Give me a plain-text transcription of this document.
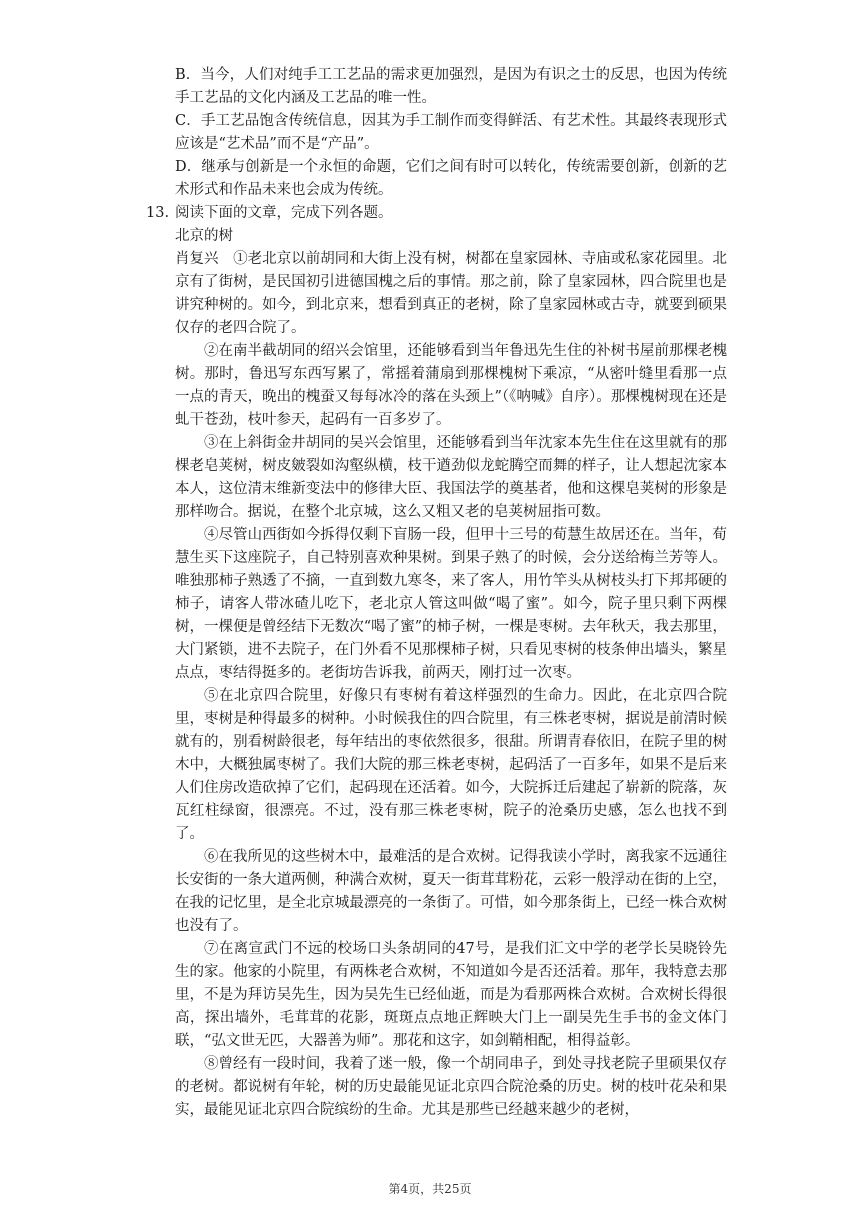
B．当今，人们对纯手工工艺品的需求更加强烈，是因为有识之士的反思，也因为传统手工艺品的文化内涵及工艺品的唯一性。

C．手工艺品饱含传统信息，因其为手工制作而变得鲜活、有艺术性。其最终表现形式应该是“艺术品”而不是“产品”。

D．继承与创新是一个永恒的命题，它们之间有时可以转化，传统需要创新，创新的艺术形式和作品未来也会成为传统。

13. 阅读下面的文章，完成下列各题。

北京的树

肖复兴  ①老北京以前胡同和大街上没有树，树都在皇家园林、寺庙或私家花园里。北京有了街树，是民国初引进德国槐之后的事情。那之前，除了皇家园林，四合院里也是讲究种树的。如今，到北京来，想看到真正的老树，除了皇家园林或古寺，就要到硕果仅存的老四合院了。

②在南半截胡同的绍兴会馆里，还能够看到当年鲁迅先生住的补树书屋前那棵老槐树。那时，鲁迅写东西写累了，常摇着蒲扇到那棵槐树下乘凉，“从密叶缝里看那一点一点的青天，晚出的槐蚕又每每冰冷的落在头颈上”（《呐喊》自序）。那棵槐树现在还是虬干苍劲，枝叶参天，起码有一百多岁了。

③在上斜街金井胡同的吴兴会馆里，还能够看到当年沈家本先生住在这里就有的那棵老皂荚树，树皮皴裂如沟壑纵横，枝干遒劲似龙蛇腾空而舞的样子，让人想起沈家本本人，这位清末维新变法中的修律大臣、我国法学的奠基者，他和这棵皂荚树的形象是那样吻合。据说，在整个北京城，这么又粗又老的皂荚树屈指可数。

④尽管山西街如今拆得仅剩下盲肠一段，但甲十三号的荀慧生故居还在。当年，荀慧生买下这座院子，自己特别喜欢种果树。到果子熟了的时候，会分送给梅兰芳等人。唯独那柿子熟透了不摘，一直到数九寒冬，来了客人，用竹竿头从树枝头打下邦邦硬的柿子，请客人带冰碴儿吃下，老北京人管这叫做“喝了蜜”。如今，院子里只剩下两棵树，一棵便是曾经结下无数次“喝了蜜”的柿子树，一棵是枣树。去年秋天，我去那里，大门紧锁，进不去院子，在门外看不见那棵柿子树，只看见枣树的枝条伸出墙头，繁星点点，枣结得挺多的。老街坊告诉我，前两天，刚打过一次枣。

⑤在北京四合院里，好像只有枣树有着这样强烈的生命力。因此，在北京四合院里，枣树是种得最多的树种。小时候我住的四合院里，有三株老枣树，据说是前清时候就有的，别看树龄很老，每年结出的枣依然很多，很甜。所谓青春依旧，在院子里的树木中，大概独属枣树了。我们大院的那三株老枣树，起码活了一百多年，如果不是后来人们住房改造砍掉了它们，起码现在还活着。如今，大院拆迁后建起了崭新的院落，灰瓦红柱绿窗，很漂亮。不过，没有那三株老枣树，院子的沧桑历史感，怎么也找不到了。

⑥在我所见的这些树木中，最难活的是合欢树。记得我读小学时，离我家不远通往长安街的一条大道两侧，种满合欢树，夏天一街茸茸粉花，云彩一般浮动在街的上空，在我的记忆里，是全北京城最漂亮的一条街了。可惜，如今那条街上，已经一株合欢树也没有了。

⑦在离宣武门不远的校场口头条胡同的47号，是我们汇文中学的老学长吴晓铃先生的家。他家的小院里，有两株老合欢树，不知道如今是否还活着。那年，我特意去那里，不是为拜访吴先生，因为吴先生已经仙逝，而是为看那两株合欢树。合欢树长得很高，探出墙外，毛茸茸的花影，斑斑点点地正辉映大门上一副吴先生手书的金文体门联，“弘文世无匹，大器善为师”。那花和这字，如剑鞘相配，相得益彰。

⑧曾经有一段时间，我着了迷一般，像一个胡同串子，到处寻找老院子里硕果仅存的老树。都说树有年轮，树的历史最能见证北京四合院沧桑的历史。树的枝叶花朵和果实，最能见证北京四合院缤纷的生命。尤其是那些已经越来越少的老树，

第4页，共25页
